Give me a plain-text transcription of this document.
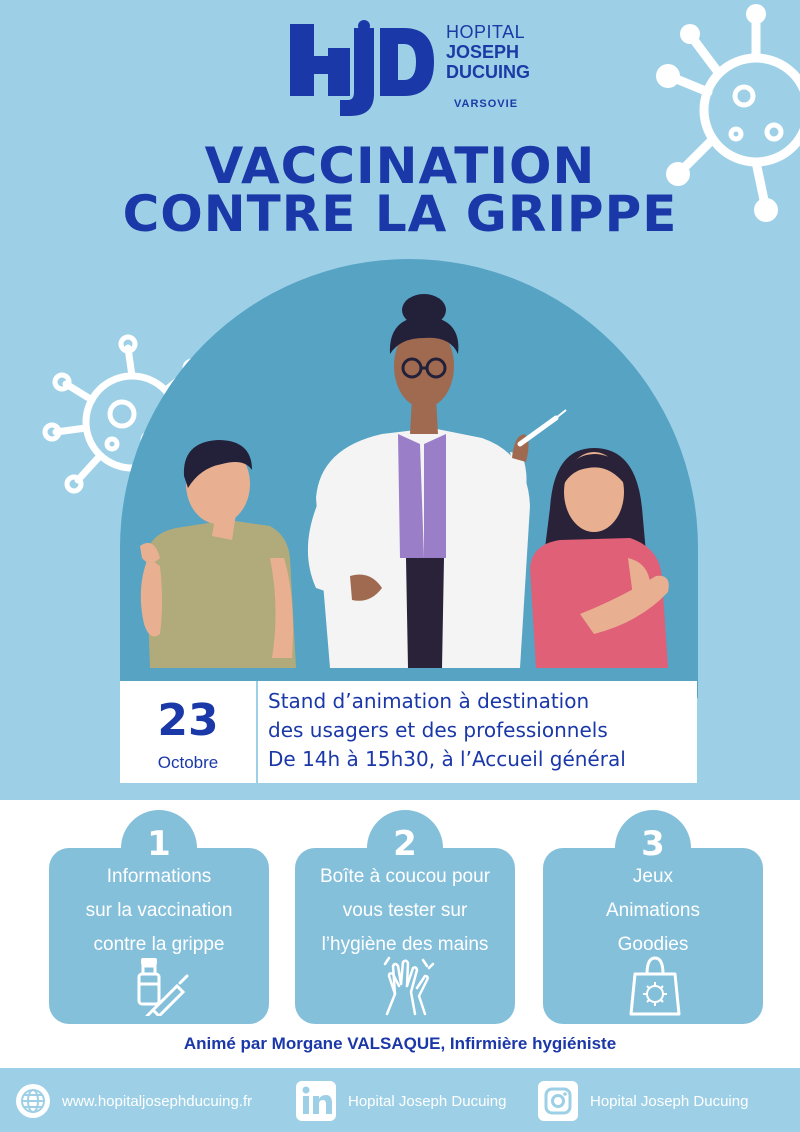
HOPITAL
JOSEPH
DUCUING
VARSOVIE
VACCINATION
CONTRE LA GRIPPE
23
Octobre
Stand d’animation à destination
des usagers et des professionnels
De 14h à 15h30, à l’Accueil général
1
Informations
sur la vaccination
contre la grippe
2
Boîte à coucou pour
vous tester sur
l’hygiène des mains
3
Jeux
Animations
Goodies
Animé par Morgane VALSAQUE, Infirmière hygiéniste
www.hopitaljosephducuing.fr	Hopital Joseph Ducuing	Hopital Joseph Ducuing
